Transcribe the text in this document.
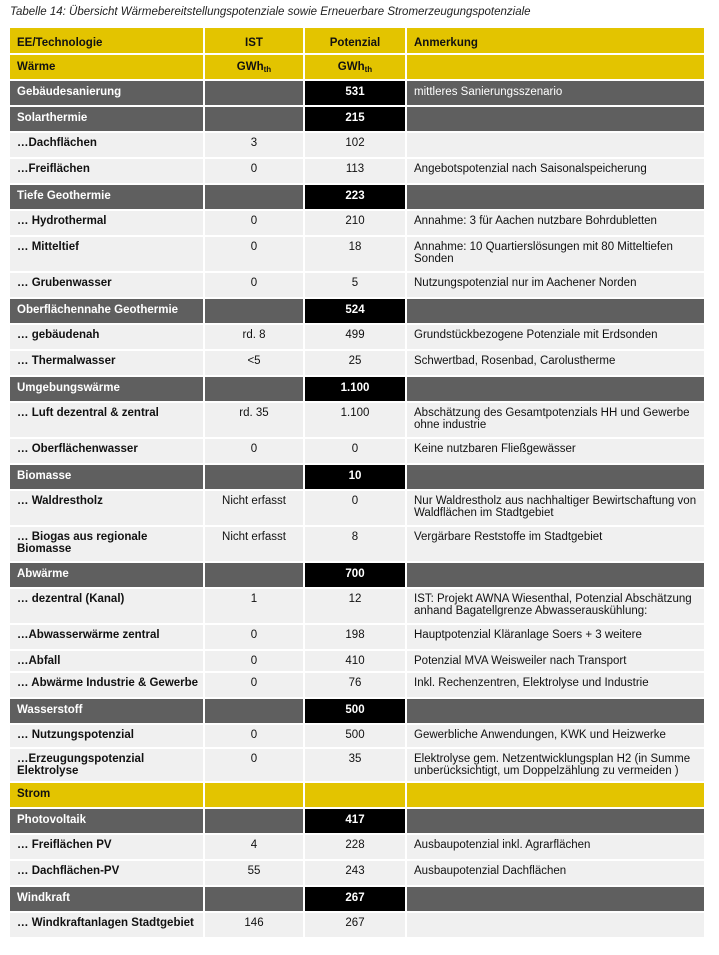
Tabelle 14: Übersicht Wärmebereitstellungspotenziale sowie Erneuerbare Stromerzeugungspotenziale
EE/Technologie	IST	Potenzial	Anmerkung
Wärme	GWh$_{th}$	GWh$_{th}$	
Gebäudesanierung		531	mittleres Sanierungsszenario
Solarthermie		215	
…Dachflächen	3	102	
…Freiflächen	0	113	Angebotspotenzial nach Saisonalspeicherung
Tiefe Geothermie		223	
… Hydrothermal	0	210	Annahme: 3 für Aachen nutzbare Bohrdubletten
… Mitteltief	0	18	Annahme: 10 Quartierslösungen mit 80 Mitteltiefen Sonden
… Grubenwasser	0	5	Nutzungspotenzial nur im Aachener Norden
Oberflächennahe Geothermie		524	
… gebäudenah	rd. 8	499	Grundstückbezogene Potenziale mit Erdsonden
… Thermalwasser	<5	25	Schwertbad, Rosenbad, Carolustherme
Umgebungswärme		1.100	
… Luft dezentral & zentral	rd. 35	1.100	Abschätzung des Gesamtpotenzials HH und Gewerbe ohne industrie
… Oberflächenwasser	0	0	Keine nutzbaren Fließgewässer
Biomasse		10	
… Waldrestholz	Nicht erfasst	0	Nur Waldrestholz aus nachhaltiger Bewirtschaftung von Waldflächen im Stadtgebiet
… Biogas aus regionale Biomasse	Nicht erfasst	8	Vergärbare Reststoffe im Stadtgebiet
Abwärme		700	
… dezentral (Kanal)	1	12	IST: Projekt AWNA Wiesenthal, Potenzial Abschätzung anhand Bagatellgrenze Abwasserauskühlung:
…Abwasserwärme zentral	0	198	Hauptpotenzial Kläranlage Soers + 3 weitere
…Abfall	0	410	Potenzial MVA Weisweiler nach Transport
… Abwärme Industrie & Gewerbe	0	76	Inkl. Rechenzentren, Elektrolyse und Industrie
Wasserstoff		500	
… Nutzungspotenzial	0	500	Gewerbliche Anwendungen, KWK und Heizwerke
…Erzeugungspotenzial Elektrolyse	0	35	Elektrolyse gem. Netzentwicklungsplan H2 (in Summe unberücksichtigt, um Doppelzählung zu vermeiden )
Strom			
Photovoltaik		417	
… Freiflächen PV	4	228	Ausbaupotenzial inkl. Agrarflächen
… Dachflächen-PV	55	243	Ausbaupotenzial Dachflächen
Windkraft		267	
… Windkraftanlagen Stadtgebiet	146	267	
